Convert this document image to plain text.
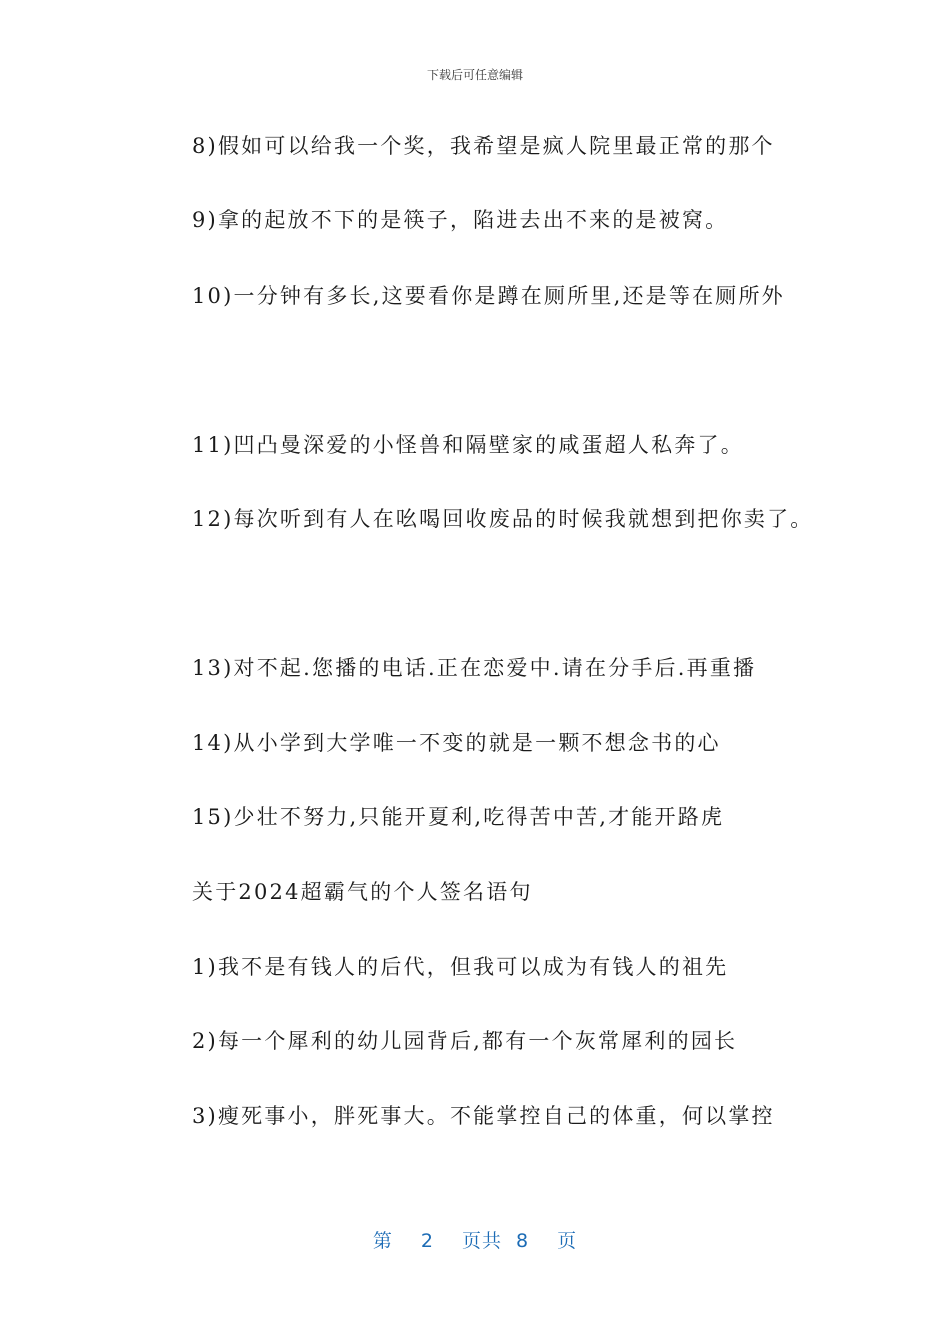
下载后可任意编辑
8)假如可以给我一个奖，我希望是疯人院里最正常的那个
9)拿的起放不下的是筷子，陷进去出不来的是被窝。
10)一分钟有多长,这要看你是蹲在厕所里,还是等在厕所外
11)凹凸曼深爱的小怪兽和隔壁家的咸蛋超人私奔了。
12)每次听到有人在吆喝回收废品的时候我就想到把你卖了。
13)对不起.您播的电话.正在恋爱中.请在分手后.再重播
14)从小学到大学唯一不变的就是一颗不想念书的心
15)少壮不努力,只能开夏利,吃得苦中苦,才能开路虎
关于2024超霸气的个人签名语句
1)我不是有钱人的后代，但我可以成为有钱人的祖先
2)每一个犀利的幼儿园背后,都有一个灰常犀利的园长
3)瘦死事小，胖死事大。不能掌控自己的体重，何以掌控
第 2 页共 8 页
